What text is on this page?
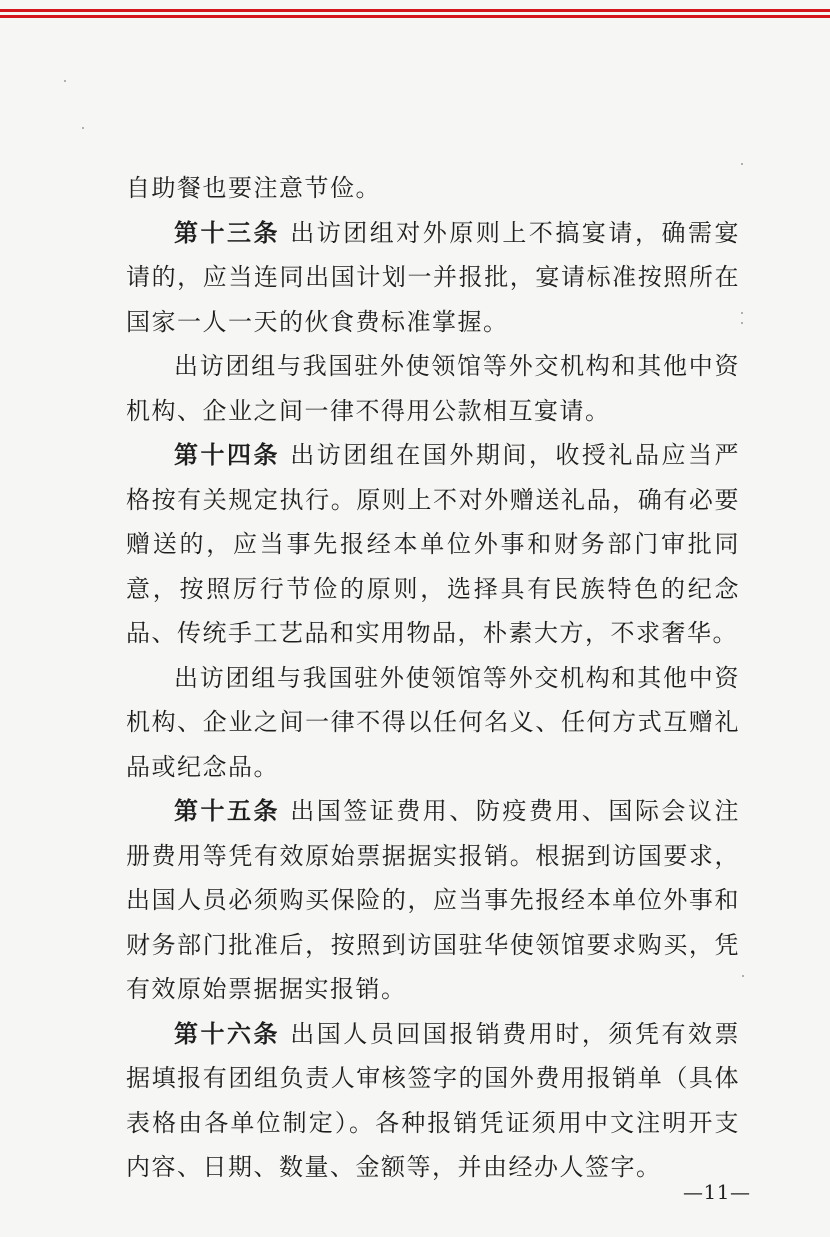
自助餐也要注意节俭。

第十三条 出访团组对外原则上不搞宴请，确需宴请的，应当连同出国计划一并报批，宴请标准按照所在国家一人一天的伙食费标准掌握。

出访团组与我国驻外使领馆等外交机构和其他中资机构、企业之间一律不得用公款相互宴请。

第十四条 出访团组在国外期间，收授礼品应当严格按有关规定执行。原则上不对外赠送礼品，确有必要赠送的，应当事先报经本单位外事和财务部门审批同意，按照厉行节俭的原则，选择具有民族特色的纪念品、传统手工艺品和实用物品，朴素大方，不求奢华。

出访团组与我国驻外使领馆等外交机构和其他中资机构、企业之间一律不得以任何名义、任何方式互赠礼品或纪念品。

第十五条 出国签证费用、防疫费用、国际会议注册费用等凭有效原始票据据实报销。根据到访国要求，出国人员必须购买保险的，应当事先报经本单位外事和财务部门批准后，按照到访国驻华使领馆要求购买，凭有效原始票据据实报销。

第十六条 出国人员回国报销费用时，须凭有效票据填报有团组负责人审核签字的国外费用报销单（具体表格由各单位制定）。各种报销凭证须用中文注明开支内容、日期、数量、金额等，并由经办人签字。

—11—
